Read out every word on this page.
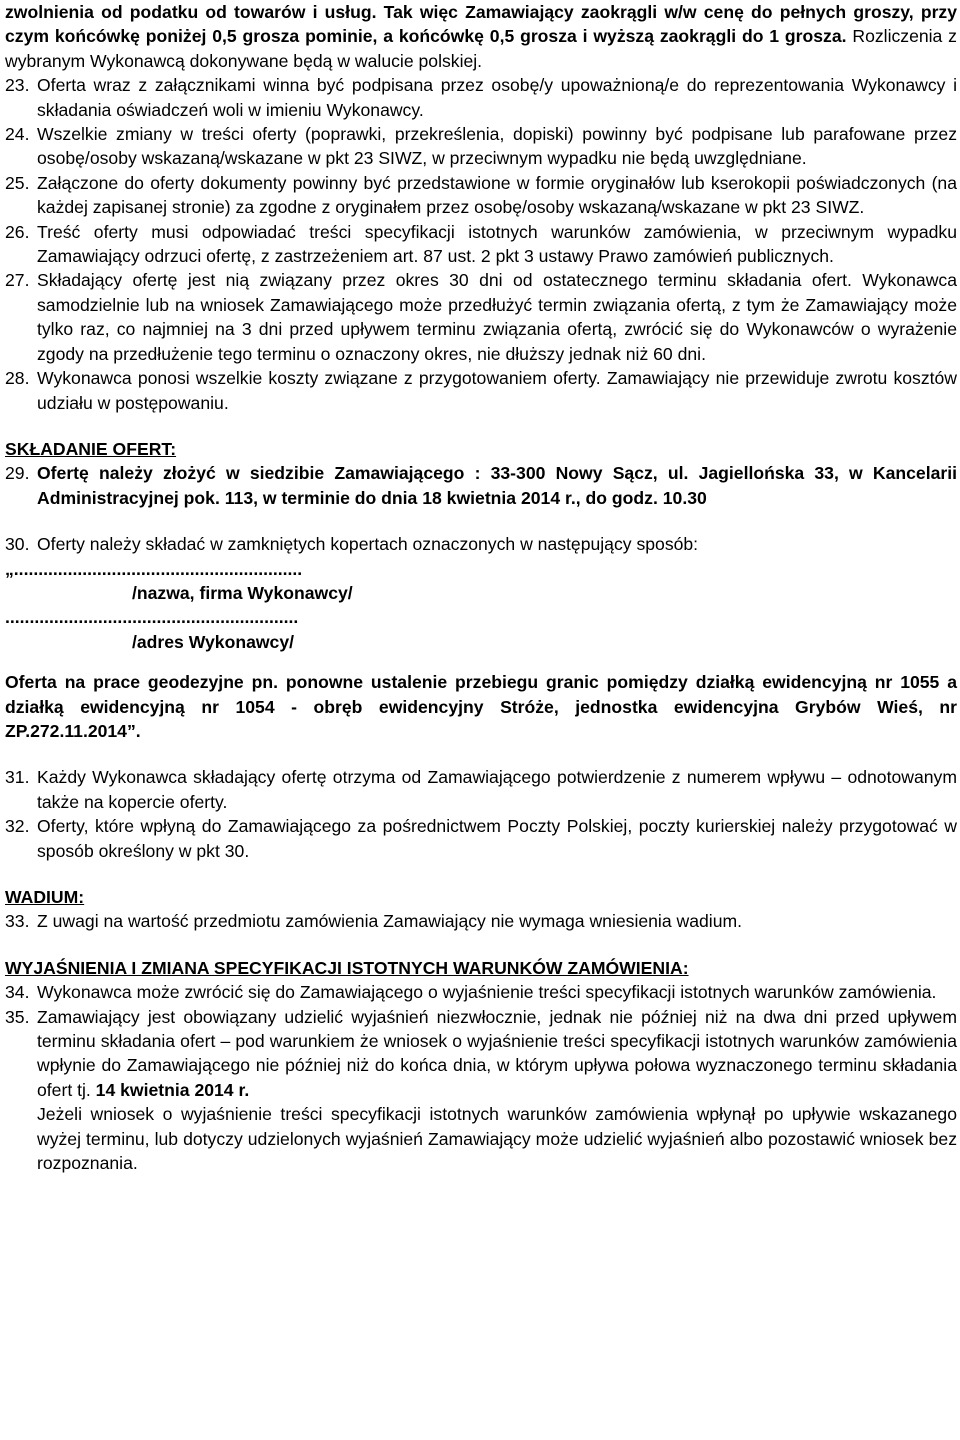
zwolnienia od podatku od towarów i usług. Tak więc Zamawiający zaokrągli w/w cenę do pełnych groszy, przy czym końcówkę poniżej 0,5 grosza pominie, a końcówkę 0,5 grosza i wyższą zaokrągli do 1 grosza. Rozliczenia z wybranym Wykonawcą dokonywane będą w walucie polskiej.

23. Oferta wraz z załącznikami winna być podpisana przez osobę/y upoważnioną/e do reprezentowania Wykonawcy i składania oświadczeń woli w imieniu Wykonawcy.

24. Wszelkie zmiany w treści oferty (poprawki, przekreślenia, dopiski) powinny być podpisane lub parafowane przez osobę/osoby wskazaną/wskazane w pkt 23 SIWZ, w przeciwnym wypadku nie będą uwzględniane.

25. Załączone do oferty dokumenty powinny być przedstawione w formie oryginałów lub kserokopii poświadczonych (na każdej zapisanej stronie) za zgodne z oryginałem przez osobę/osoby wskazaną/wskazane w pkt 23 SIWZ.

26. Treść oferty musi odpowiadać treści specyfikacji istotnych warunków zamówienia, w przeciwnym wypadku Zamawiający odrzuci ofertę, z zastrzeżeniem art. 87 ust. 2 pkt 3 ustawy Prawo zamówień publicznych.

27. Składający ofertę jest nią związany przez okres 30 dni od ostatecznego terminu składania ofert. Wykonawca samodzielnie lub na wniosek Zamawiającego może przedłużyć termin związania ofertą, z tym że Zamawiający może tylko raz, co najmniej na 3 dni przed upływem terminu związania ofertą, zwrócić się do Wykonawców o wyrażenie zgody na przedłużenie tego terminu o oznaczony okres, nie dłuższy jednak niż 60 dni.

28. Wykonawca ponosi wszelkie koszty związane z przygotowaniem oferty. Zamawiający nie przewiduje zwrotu kosztów udziału w postępowaniu.

SKŁADANIE OFERT:

29. Ofertę należy złożyć w siedzibie Zamawiającego : 33-300 Nowy Sącz, ul. Jagiellońska 33, w Kancelarii Administracyjnej pok. 113, w terminie do dnia 18 kwietnia 2014 r., do godz. 10.30

30. Oferty należy składać w zamkniętych kopertach oznaczonych w następujący sposób:

„...........................................................

/nazwa, firma Wykonawcy/

............................................................

/adres Wykonawcy/

Oferta na prace geodezyjne pn. ponowne ustalenie przebiegu granic pomiędzy działką ewidencyjną nr 1055 a działką ewidencyjną nr 1054 - obręb ewidencyjny Stróże, jednostka ewidencyjna Grybów Wieś, nr ZP.272.11.2014”.

31. Każdy Wykonawca składający ofertę otrzyma od Zamawiającego potwierdzenie z numerem wpływu – odnotowanym także na kopercie oferty.

32. Oferty, które wpłyną do Zamawiającego za pośrednictwem Poczty Polskiej, poczty kurierskiej należy przygotować w sposób określony w pkt 30.

WADIUM:

33. Z uwagi na wartość przedmiotu zamówienia Zamawiający nie wymaga wniesienia wadium.

WYJAŚNIENIA I ZMIANA SPECYFIKACJI ISTOTNYCH WARUNKÓW ZAMÓWIENIA:

34. Wykonawca może zwrócić się do Zamawiającego o wyjaśnienie treści specyfikacji istotnych warunków zamówienia.

35. Zamawiający jest obowiązany udzielić wyjaśnień niezwłocznie, jednak nie później niż na dwa dni przed upływem terminu składania ofert – pod warunkiem że wniosek o wyjaśnienie treści specyfikacji istotnych warunków zamówienia wpłynie do Zamawiającego nie później niż do końca dnia, w którym upływa połowa wyznaczonego terminu składania ofert tj. 14 kwietnia 2014 r.

Jeżeli wniosek o wyjaśnienie treści specyfikacji istotnych warunków zamówienia wpłynął po upływie wskazanego wyżej terminu, lub dotyczy udzielonych wyjaśnień Zamawiający może udzielić wyjaśnień albo pozostawić wniosek bez rozpoznania.
